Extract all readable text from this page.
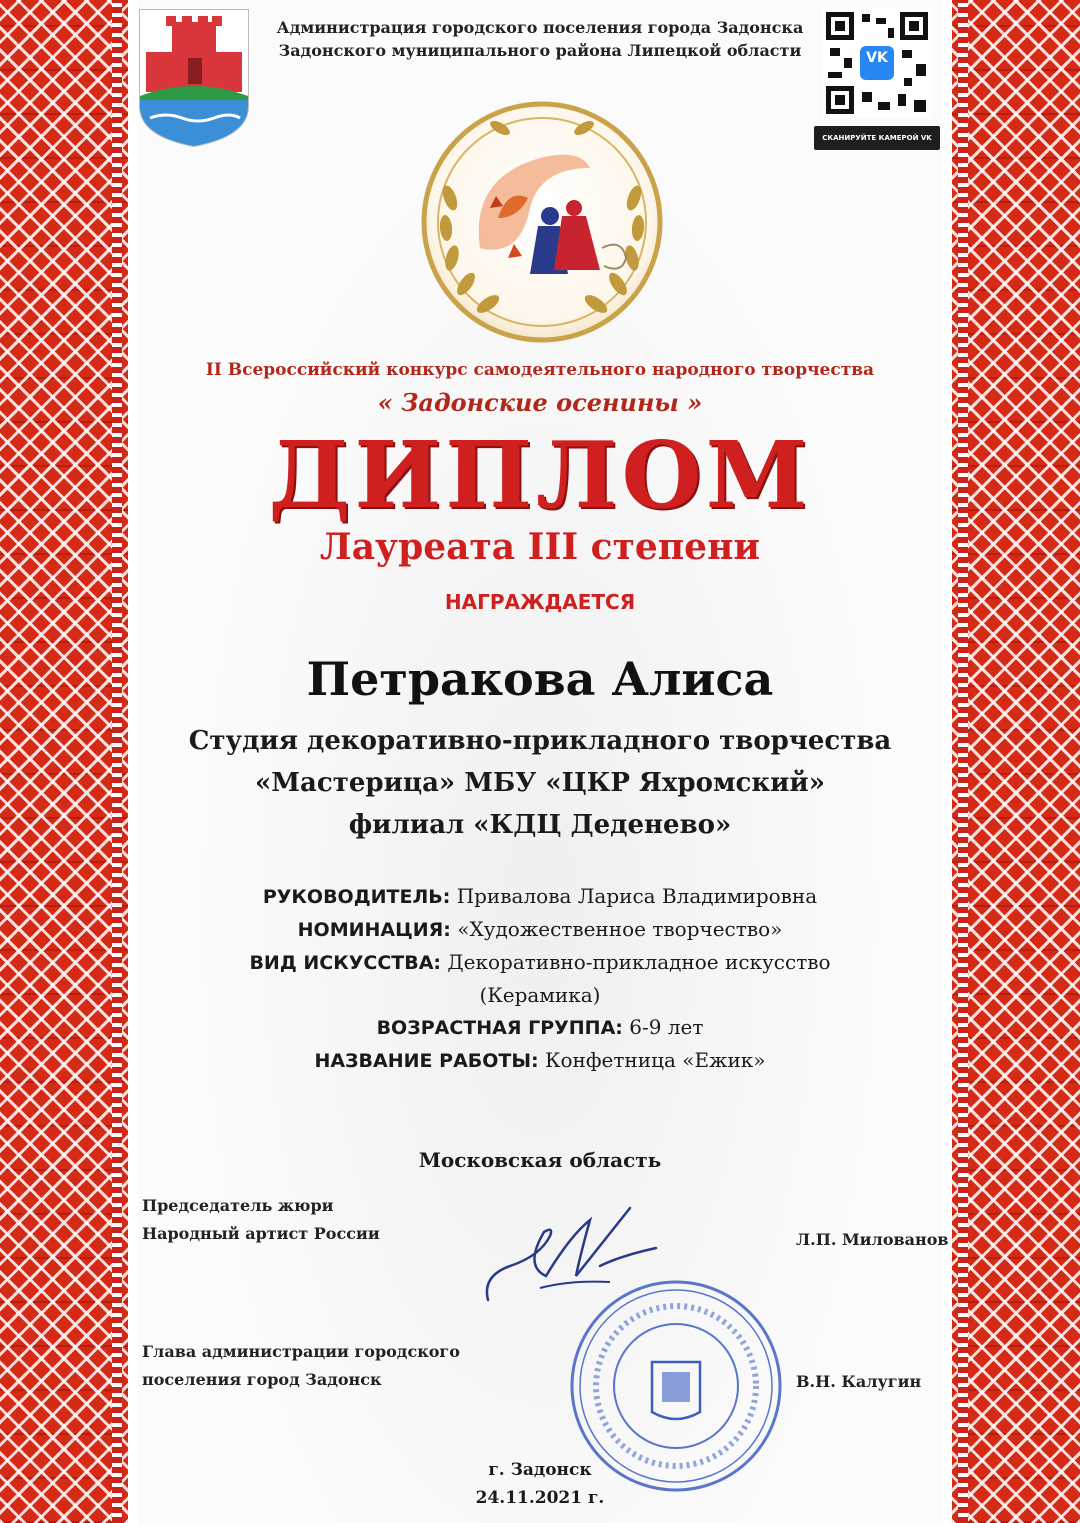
Администрация городского поселения города Задонска
Задонского муниципального района Липецкой области	VK
СКАНИРУЙТЕ КАМЕРОЙ VK
II Всероссийский конкурс самодеятельного народного творчества
« Задонские осенины »
ДИПЛОМ
Лауреата III степени
НАГРАЖДАЕТСЯ
Петракова Алиса
Студия декоративно-прикладного творчества
«Мастерица» МБУ «ЦКР Яхромский»
филиал «КДЦ Деденево»
РУКОВОДИТЕЛЬ: Привалова Лариса Владимировна
НОМИНАЦИЯ: «Художественное творчество»
ВИД ИСКУССТВА: Декоративно-прикладное искусство
(Керамика)
ВОЗРАСТНАЯ ГРУППА: 6-9 лет
НАЗВАНИЕ РАБОТЫ: Конфетница «Ежик»
Московская область
Председатель жюри
Народный артист России	Л.П. Милованов
Глава администрации городского
поселения город Задонск	В.Н. Калугин
г. Задонск
24.11.2021 г.
